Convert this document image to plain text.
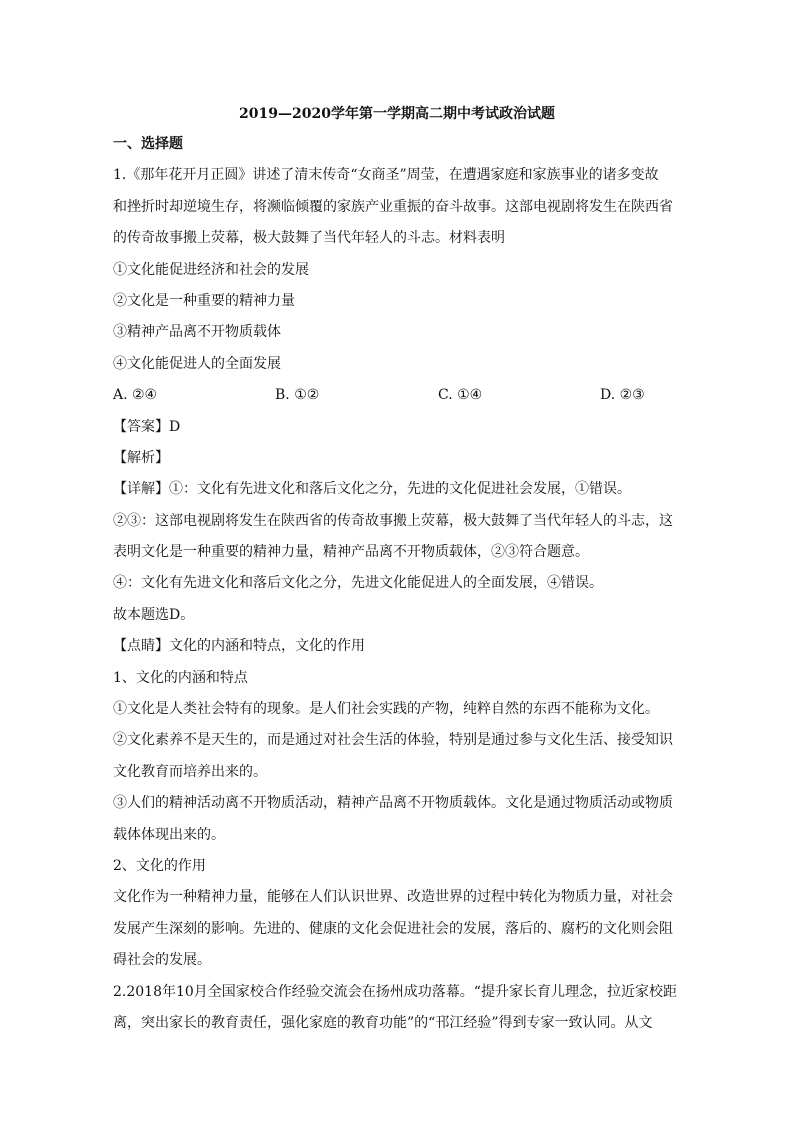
2019—2020学年第一学期高二期中考试政治试题
一、选择题
1.《那年花开月正圆》讲述了清末传奇“女商圣”周莹，在遭遇家庭和家族事业的诸多变故
和挫折时却逆境生存，将濒临倾覆的家族产业重振的奋斗故事。这部电视剧将发生在陕西省
的传奇故事搬上荧幕，极大鼓舞了当代年轻人的斗志。材料表明
①文化能促进经济和社会的发展
②文化是一种重要的精神力量
③精神产品离不开物质载体
④文化能促进人的全面发展
A. ②④	B. ①②	C. ①④	D. ②③
【答案】D
【解析】
【详解】①：文化有先进文化和落后文化之分，先进的文化促进社会发展，①错误。
②③：这部电视剧将发生在陕西省的传奇故事搬上荧幕，极大鼓舞了当代年轻人的斗志，这
表明文化是一种重要的精神力量，精神产品离不开物质载体，②③符合题意。
④：文化有先进文化和落后文化之分，先进文化能促进人的全面发展，④错误。
故本题选D。
【点睛】文化的内涵和特点，文化的作用
1、文化的内涵和特点
①文化是人类社会特有的现象。是人们社会实践的产物，纯粹自然的东西不能称为文化。
②文化素养不是天生的，而是通过对社会生活的体验，特别是通过参与文化生活、接受知识
文化教育而培养出来的。
③人们的精神活动离不开物质活动，精神产品离不开物质载体。文化是通过物质活动或物质
载体体现出来的。
2、文化的作用
文化作为一种精神力量，能够在人们认识世界、改造世界的过程中转化为物质力量，对社会
发展产生深刻的影响。先进的、健康的文化会促进社会的发展，落后的、腐朽的文化则会阻
碍社会的发展。
2.2018年10月全国家校合作经验交流会在扬州成功落幕。“提升家长育儿理念，拉近家校距
离，突出家长的教育责任，强化家庭的教育功能”的“邗江经验”得到专家一致认同。从文
